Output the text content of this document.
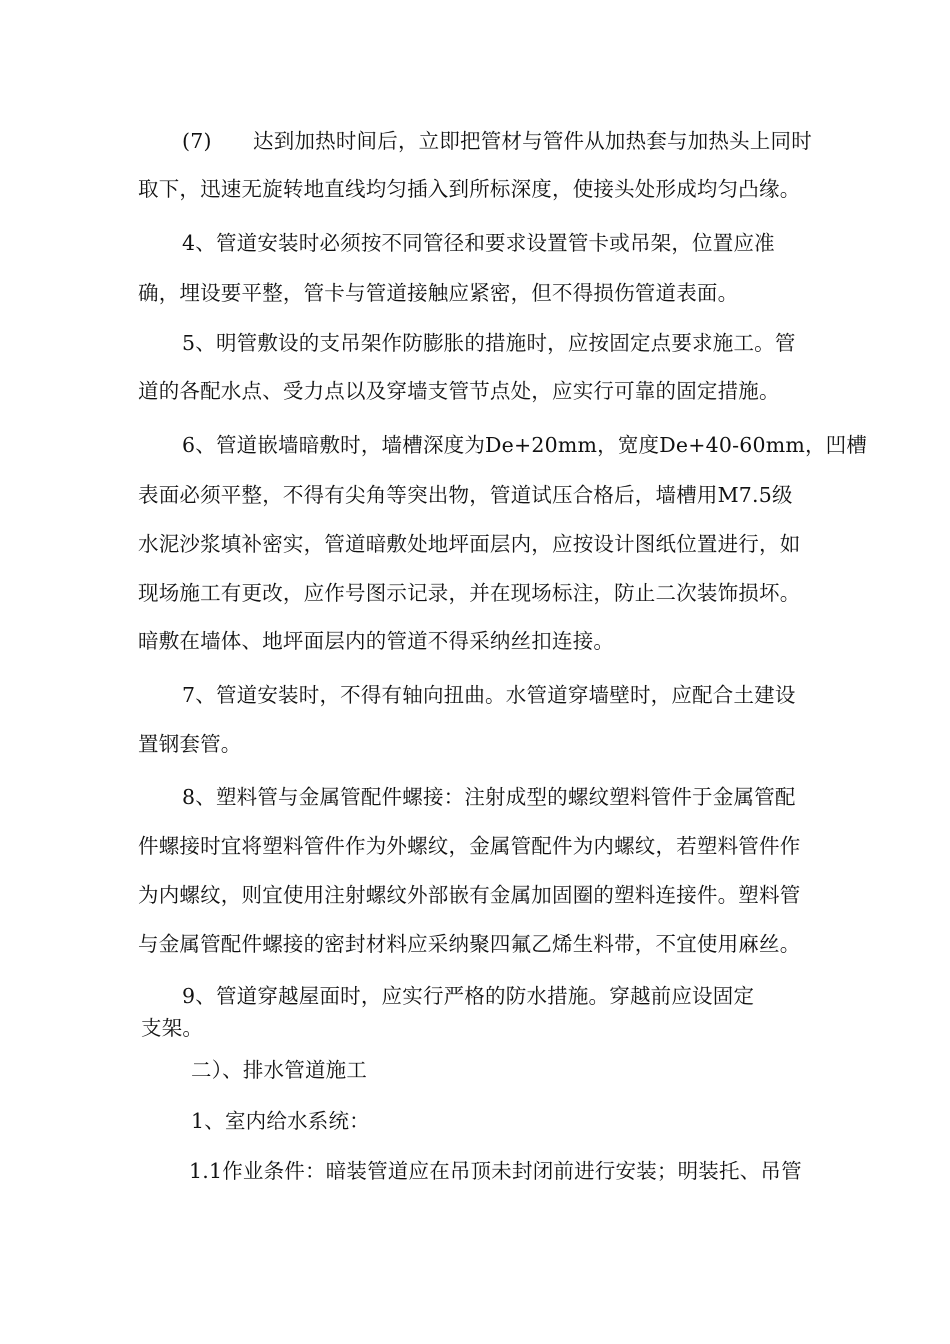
(7)　　达到加热时间后，立即把管材与管件从加热套与加热头上同时
取下，迅速无旋转地直线均匀插入到所标深度，使接头处形成均匀凸缘。
4、管道安装时必须按不同管径和要求设置管卡或吊架，位置应准
确，埋设要平整，管卡与管道接触应紧密，但不得损伤管道表面。
5、明管敷设的支吊架作防膨胀的措施时，应按固定点要求施工。管
道的各配水点、受力点以及穿墙支管节点处，应实行可靠的固定措施。
6、管道嵌墙暗敷时，墙槽深度为De+20mm，宽度De+40-60mm，凹槽
表面必须平整，不得有尖角等突出物，管道试压合格后，墙槽用M7.5级
水泥沙浆填补密实，管道暗敷处地坪面层内，应按设计图纸位置进行，如
现场施工有更改，应作号图示记录，并在现场标注，防止二次装饰损坏。
暗敷在墙体、地坪面层内的管道不得采纳丝扣连接。
7、管道安装时，不得有轴向扭曲。水管道穿墙壁时，应配合土建设
置钢套管。
8、塑料管与金属管配件螺接：注射成型的螺纹塑料管件于金属管配
件螺接时宜将塑料管件作为外螺纹，金属管配件为内螺纹，若塑料管件作
为内螺纹，则宜使用注射螺纹外部嵌有金属加固圈的塑料连接件。塑料管
与金属管配件螺接的密封材料应采纳聚四氟乙烯生料带，不宜使用麻丝。
9、管道穿越屋面时，应实行严格的防水措施。穿越前应设固定
支架。
二）、排水管道施工
1、室内给水系统：
1.1作业条件：暗装管道应在吊顶未封闭前进行安装；明装托、吊管
